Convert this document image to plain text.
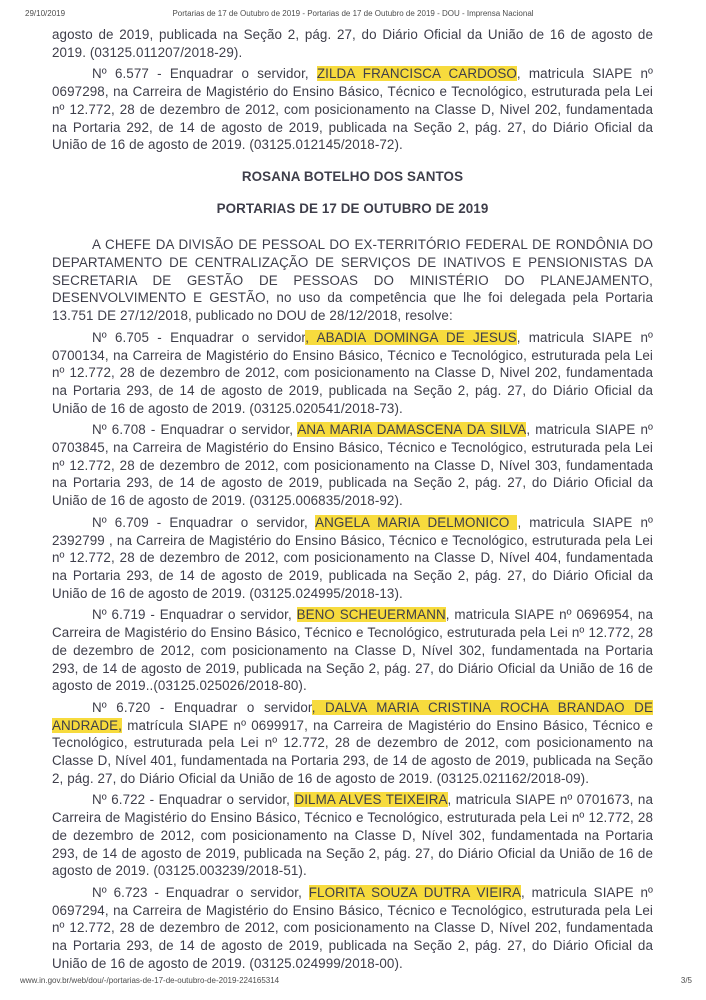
29/10/2019	Portarias de 17 de Outubro de 2019 - Portarias de 17 de Outubro de 2019 - DOU - Imprensa Nacional

agosto de 2019, publicada na Seção 2, pág. 27, do Diário Oficial da União de 16 de agosto de 2019. (03125.011207/2018-29).

Nº 6.577 - Enquadrar o servidor, ZILDA FRANCISCA CARDOSO, matricula SIAPE nº 0697298, na Carreira de Magistério do Ensino Básico, Técnico e Tecnológico, estruturada pela Lei nº 12.772, 28 de dezembro de 2012, com posicionamento na Classe D, Nivel 202, fundamentada na Portaria 292, de 14 de agosto de 2019, publicada na Seção 2, pág. 27, do Diário Oficial da União de 16 de agosto de 2019. (03125.012145/2018-72).

ROSANA BOTELHO DOS SANTOS
PORTARIAS DE 17 DE OUTUBRO DE 2019

A CHEFE DA DIVISÃO DE PESSOAL DO EX-TERRITÓRIO FEDERAL DE RONDÔNIA DO DEPARTAMENTO DE CENTRALIZAÇÃO DE SERVIÇOS DE INATIVOS E PENSIONISTAS DA SECRETARIA DE GESTÃO DE PESSOAS DO MINISTÉRIO DO PLANEJAMENTO, DESENVOLVIMENTO E GESTÃO, no uso da competência que lhe foi delegada pela Portaria 13.751 DE 27/12/2018, publicado no DOU de 28/12/2018, resolve:

Nº 6.705 - Enquadrar o servidor, ABADIA DOMINGA DE JESUS, matricula SIAPE nº 0700134, na Carreira de Magistério do Ensino Básico, Técnico e Tecnológico, estruturada pela Lei nº 12.772, 28 de dezembro de 2012, com posicionamento na Classe D, Nivel 202, fundamentada na Portaria 293, de 14 de agosto de 2019, publicada na Seção 2, pág. 27, do Diário Oficial da União de 16 de agosto de 2019. (03125.020541/2018-73).

Nº 6.708 - Enquadrar o servidor, ANA MARIA DAMASCENA DA SILVA, matricula SIAPE nº 0703845, na Carreira de Magistério do Ensino Básico, Técnico e Tecnológico, estruturada pela Lei nº 12.772, 28 de dezembro de 2012, com posicionamento na Classe D, Nível 303, fundamentada na Portaria 293, de 14 de agosto de 2019, publicada na Seção 2, pág. 27, do Diário Oficial da União de 16 de agosto de 2019. (03125.006835/2018-92).

Nº 6.709 - Enquadrar o servidor, ANGELA MARIA DELMONICO , matricula SIAPE nº 2392799 , na Carreira de Magistério do Ensino Básico, Técnico e Tecnológico, estruturada pela Lei nº 12.772, 28 de dezembro de 2012, com posicionamento na Classe D, Nível 404, fundamentada na Portaria 293, de 14 de agosto de 2019, publicada na Seção 2, pág. 27, do Diário Oficial da União de 16 de agosto de 2019. (03125.024995/2018-13).

Nº 6.719 - Enquadrar o servidor, BENO SCHEUERMANN, matricula SIAPE nº 0696954, na Carreira de Magistério do Ensino Básico, Técnico e Tecnológico, estruturada pela Lei nº 12.772, 28 de dezembro de 2012, com posicionamento na Classe D, Nível 302, fundamentada na Portaria 293, de 14 de agosto de 2019, publicada na Seção 2, pág. 27, do Diário Oficial da União de 16 de agosto de 2019..(03125.025026/2018-80).

Nº 6.720 - Enquadrar o servidor, DALVA MARIA CRISTINA ROCHA BRANDAO DE ANDRADE, matrícula SIAPE nº 0699917, na Carreira de Magistério do Ensino Básico, Técnico e Tecnológico, estruturada pela Lei nº 12.772, 28 de dezembro de 2012, com posicionamento na Classe D, Nível 401, fundamentada na Portaria 293, de 14 de agosto de 2019, publicada na Seção 2, pág. 27, do Diário Oficial da União de 16 de agosto de 2019. (03125.021162/2018-09).

Nº 6.722 - Enquadrar o servidor, DILMA ALVES TEIXEIRA, matricula SIAPE nº 0701673, na Carreira de Magistério do Ensino Básico, Técnico e Tecnológico, estruturada pela Lei nº 12.772, 28 de dezembro de 2012, com posicionamento na Classe D, Nível 302, fundamentada na Portaria 293, de 14 de agosto de 2019, publicada na Seção 2, pág. 27, do Diário Oficial da União de 16 de agosto de 2019. (03125.003239/2018-51).

Nº 6.723 - Enquadrar o servidor, FLORITA SOUZA DUTRA VIEIRA, matricula SIAPE nº 0697294, na Carreira de Magistério do Ensino Básico, Técnico e Tecnológico, estruturada pela Lei nº 12.772, 28 de dezembro de 2012, com posicionamento na Classe D, Nível 202, fundamentada na Portaria 293, de 14 de agosto de 2019, publicada na Seção 2, pág. 27, do Diário Oficial da União de 16 de agosto de 2019. (03125.024999/2018-00).

www.in.gov.br/web/dou/-/portarias-de-17-de-outubro-de-2019-224165314	3/5
